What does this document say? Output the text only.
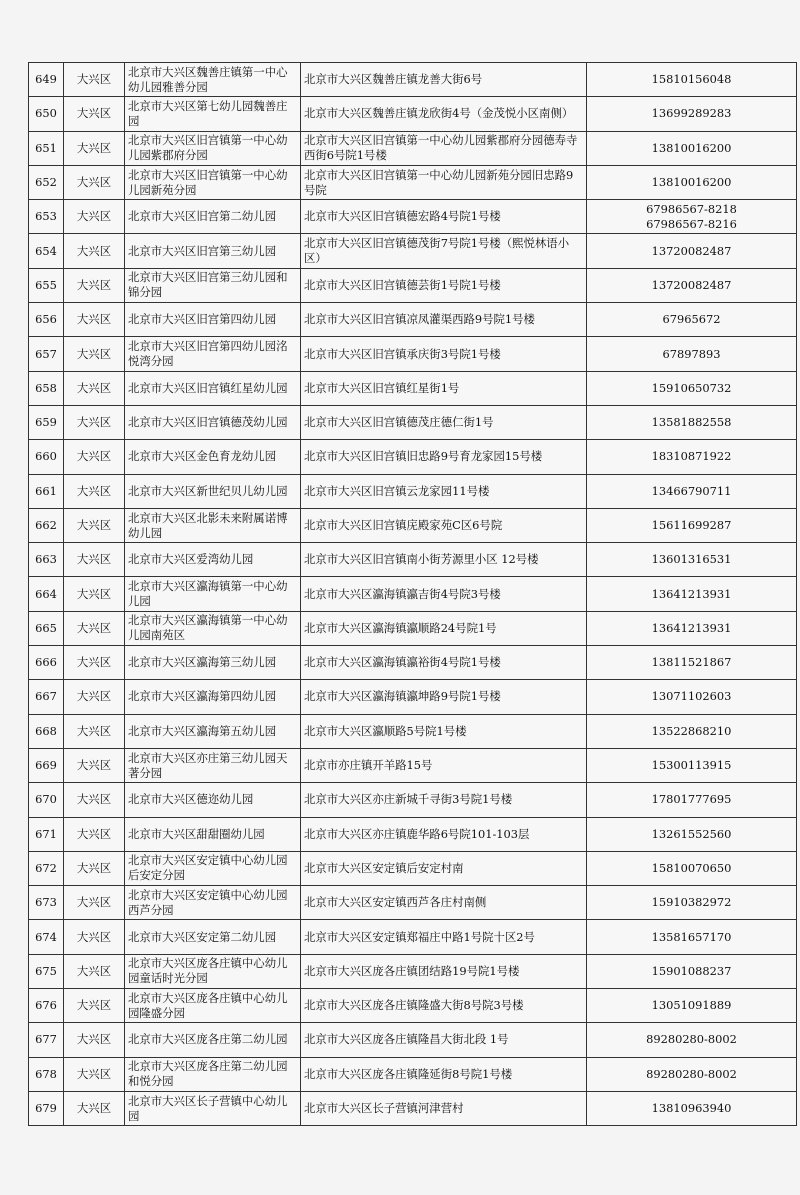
649	大兴区	北京市大兴区魏善庄镇第一中心幼儿园雅善分园	北京市大兴区魏善庄镇龙善大街6号	15810156048
650	大兴区	北京市大兴区第七幼儿园魏善庄园	北京市大兴区魏善庄镇龙欣街4号（金茂悦小区南侧）	13699289283
651	大兴区	北京市大兴区旧宫镇第一中心幼儿园紫郡府分园	北京市大兴区旧宫镇第一中心幼儿园紫郡府分园德寿寺西街6号院1号楼	13810016200
652	大兴区	北京市大兴区旧宫镇第一中心幼儿园新苑分园	北京市大兴区旧宫镇第一中心幼儿园新苑分园旧忠路9号院	13810016200
653	大兴区	北京市大兴区旧宫第二幼儿园	北京市大兴区旧宫镇德宏路4号院1号楼	67986567-8218
67986567-8216
654	大兴区	北京市大兴区旧宫第三幼儿园	北京市大兴区旧宫镇德茂街7号院1号楼（熙悦林语小区）	13720082487
655	大兴区	北京市大兴区旧宫第三幼儿园和锦分园	北京市大兴区旧宫镇德芸街1号院1号楼	13720082487
656	大兴区	北京市大兴区旧宫第四幼儿园	北京市大兴区旧宫镇凉凤灌渠西路9号院1号楼	67965672
657	大兴区	北京市大兴区旧宫第四幼儿园洺悦湾分园	北京市大兴区旧宫镇承庆街3号院1号楼	67897893
658	大兴区	北京市大兴区旧宫镇红星幼儿园	北京市大兴区旧宫镇红星街1号	15910650732
659	大兴区	北京市大兴区旧宫镇德茂幼儿园	北京市大兴区旧宫镇德茂庄德仁街1号	13581882558
660	大兴区	北京市大兴区金色育龙幼儿园	北京市大兴区旧宫镇旧忠路9号育龙家园15号楼	18310871922
661	大兴区	北京市大兴区新世纪贝儿幼儿园	北京市大兴区旧宫镇云龙家园11号楼	13466790711
662	大兴区	北京市大兴区北影未来附属诺博幼儿园	北京市大兴区旧宫镇庑殿家苑C区6号院	15611699287
663	大兴区	北京市大兴区爱湾幼儿园	北京市大兴区旧宫镇南小街芳源里小区 12号楼	13601316531
664	大兴区	北京市大兴区瀛海镇第一中心幼儿园	北京市大兴区瀛海镇瀛吉街4号院3号楼	13641213931
665	大兴区	北京市大兴区瀛海镇第一中心幼儿园南苑区	北京市大兴区瀛海镇瀛顺路24号院1号	13641213931
666	大兴区	北京市大兴区瀛海第三幼儿园	北京市大兴区瀛海镇瀛裕街4号院1号楼	13811521867
667	大兴区	北京市大兴区瀛海第四幼儿园	北京市大兴区瀛海镇瀛坤路9号院1号楼	13071102603
668	大兴区	北京市大兴区瀛海第五幼儿园	北京市大兴区瀛顺路5号院1号楼	13522868210
669	大兴区	北京市大兴区亦庄第三幼儿园天著分园	北京市亦庄镇开羊路15号	15300113915
670	大兴区	北京市大兴区德迩幼儿园	北京市大兴区亦庄新城千寻街3号院1号楼	17801777695
671	大兴区	北京市大兴区甜甜圈幼儿园	北京市大兴区亦庄镇鹿华路6号院101-103层	13261552560
672	大兴区	北京市大兴区安定镇中心幼儿园后安定分园	北京市大兴区安定镇后安定村南	15810070650
673	大兴区	北京市大兴区安定镇中心幼儿园西芦分园	北京市大兴区安定镇西芦各庄村南侧	15910382972
674	大兴区	北京市大兴区安定第二幼儿园	北京市大兴区安定镇郑福庄中路1号院十区2号	13581657170
675	大兴区	北京市大兴区庞各庄镇中心幼儿园童话时光分园	北京市大兴区庞各庄镇团结路19号院1号楼	15901088237
676	大兴区	北京市大兴区庞各庄镇中心幼儿园隆盛分园	北京市大兴区庞各庄镇隆盛大街8号院3号楼	13051091889
677	大兴区	北京市大兴区庞各庄第二幼儿园	北京市大兴区庞各庄镇隆昌大街北段 1号	89280280-8002
678	大兴区	北京市大兴区庞各庄第二幼儿园和悦分园	北京市大兴区庞各庄镇隆延街8号院1号楼	89280280-8002
679	大兴区	北京市大兴区长子营镇中心幼儿园	北京市大兴区长子营镇河津营村	13810963940
